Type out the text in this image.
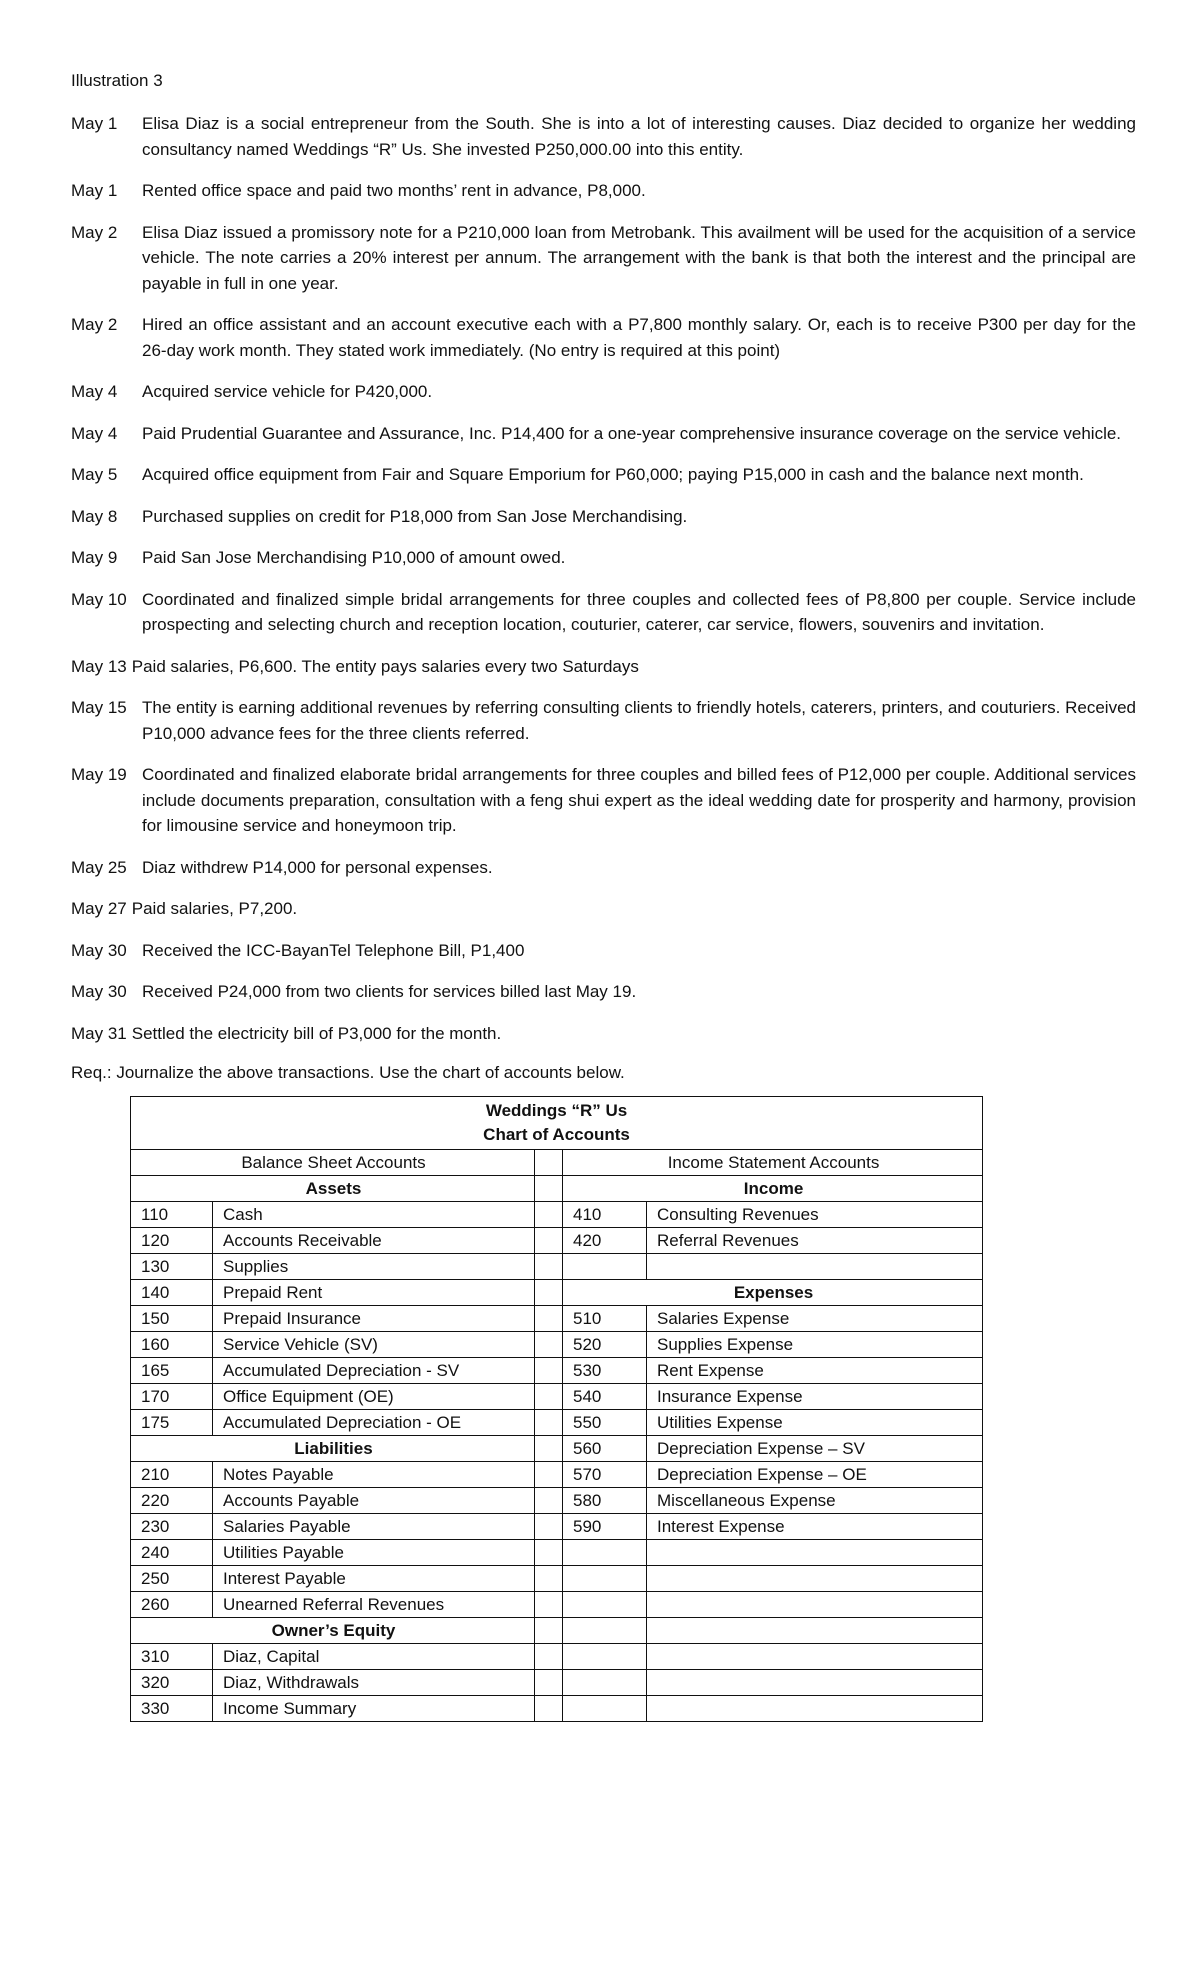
Illustration 3
May 1	Elisa Diaz is a social entrepreneur from the South. She is into a lot of interesting causes. Diaz decided to organize her wedding consultancy named Weddings “R” Us. She invested P250,000.00 into this entity.
May 1	Rented office space and paid two months’ rent in advance, P8,000.
May 2	Elisa Diaz issued a promissory note for a P210,000 loan from Metrobank. This availment will be used for the acquisition of a service vehicle. The note carries a 20% interest per annum. The arrangement with the bank is that both the interest and the principal are payable in full in one year.
May 2	Hired an office assistant and an account executive each with a P7,800 monthly salary. Or, each is to receive P300 per day for the 26-day work month. They stated work immediately. (No entry is required at this point)
May 4	Acquired service vehicle for P420,000.
May 4	Paid Prudential Guarantee and Assurance, Inc. P14,400 for a one-year comprehensive insurance coverage on the service vehicle.
May 5	Acquired office equipment from Fair and Square Emporium for P60,000; paying P15,000 in cash and the balance next month.
May 8	Purchased supplies on credit for P18,000 from San Jose Merchandising.
May 9	Paid San Jose Merchandising P10,000 of amount owed.
May 10 Coordinated and finalized simple bridal arrangements for three couples and collected fees of P8,800 per couple. Service include prospecting and selecting church and reception location, couturier, caterer, car service, flowers, souvenirs and invitation.
May 13 Paid salaries, P6,600. The entity pays salaries every two Saturdays
May 15 The entity is earning additional revenues by referring consulting clients to friendly hotels, caterers, printers, and couturiers. Received P10,000 advance fees for the three clients referred.
May 19 Coordinated and finalized elaborate bridal arrangements for three couples and billed fees of P12,000 per couple. Additional services include documents preparation, consultation with a feng shui expert as the ideal wedding date for prosperity and harmony, provision for limousine service and honeymoon trip.
May 25 Diaz withdrew P14,000 for personal expenses.
May 27 Paid salaries, P7,200.
May 30 Received the ICC-BayanTel Telephone Bill, P1,400
May 30 Received P24,000 from two clients for services billed last May 19.
May 31 Settled the electricity bill of P3,000 for the month.
Req.: Journalize the above transactions. Use the chart of accounts below.
Weddings “R” Us
Chart of Accounts				

Balance Sheet Accounts			Income Statement Accounts	
Assets			Income	
110	Cash		410	Consulting Revenues
120	Accounts Receivable		420	Referral Revenues
130	Supplies			
140	Prepaid Rent		Expenses	
150	Prepaid Insurance		510	Salaries Expense
160	Service Vehicle (SV)		520	Supplies Expense
165	Accumulated Depreciation - SV		530	Rent Expense
170	Office Equipment (OE)		540	Insurance Expense
175	Accumulated Depreciation - OE		550	Utilities Expense
Liabilities			560	Depreciation Expense – SV
210	Notes Payable		570	Depreciation Expense – OE
220	Accounts Payable		580	Miscellaneous Expense
230	Salaries Payable		590	Interest Expense
240	Utilities Payable			
250	Interest Payable			
260	Unearned Referral Revenues			
Owner’s Equity				
310	Diaz, Capital			
320	Diaz, Withdrawals			
330	Income Summary			
